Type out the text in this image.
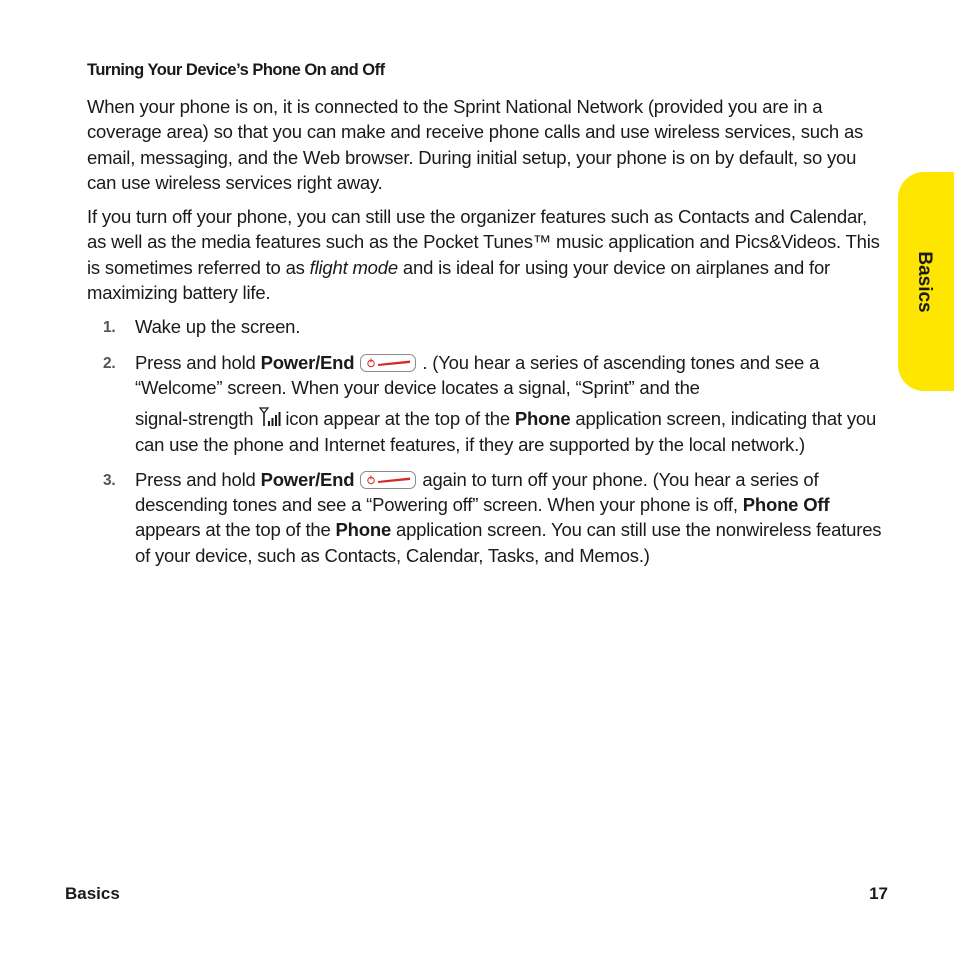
Turning Your Device’s Phone On and Off

When your phone is on, it is connected to the Sprint National Network (provided you are in a coverage area) so that you can make and receive phone calls and use wireless services, such as email, messaging, and the Web browser. During initial setup, your phone is on by default, so you can use wireless services right away.

If you turn off your phone, you can still use the organizer features such as Contacts and Calendar, as well as the media features such as the Pocket Tunes™ music application and Pics&Videos. This is sometimes referred to as flight mode and is ideal for using your device on airplanes and for maximizing battery life.

1. Wake up the screen.
2. Press and hold Power/End	. (You hear a series of ascending tones and see a “Welcome” screen. When your device locates a signal, “Sprint” and the
signal-strength icon appear at the top of the Phone application screen, indicating that you can use the phone and Internet features, if they are supported by the local network.)
3. Press and hold Power/End	again to turn off your phone. (You hear a series of descending tones and see a “Powering off” screen. When your phone is off, Phone Off appears at the top of the Phone application screen. You can still use the nonwireless features of your device, such as Contacts, Calendar, Tasks, and Memos.)
Basics
Basics	17
